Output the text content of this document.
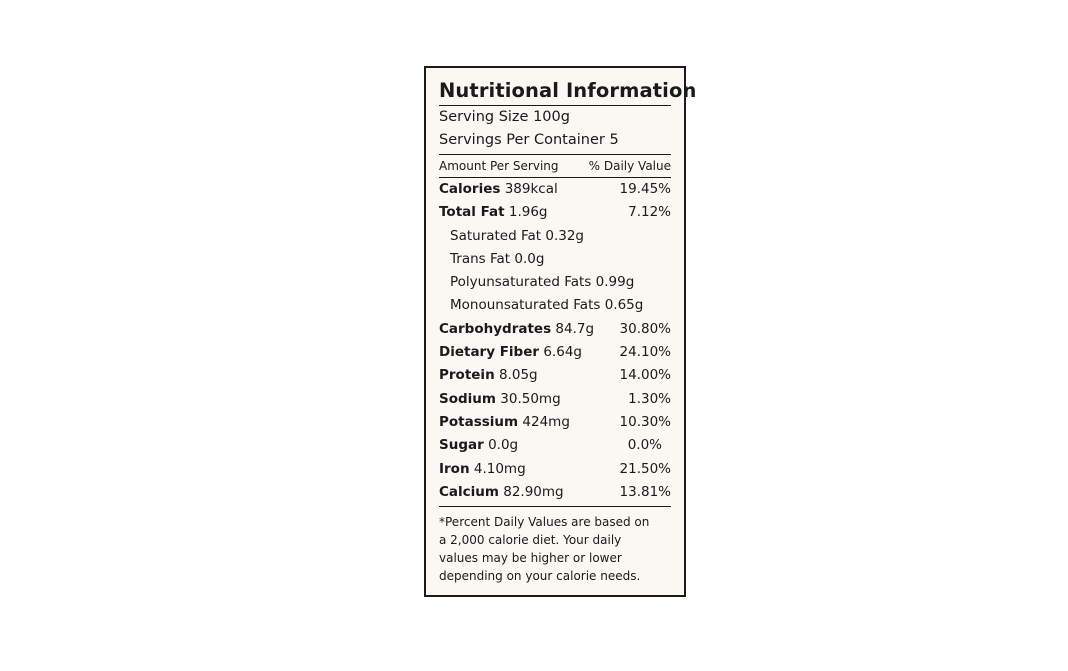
Nutritional Information
Serving Size 100g
Servings Per Container 5
Amount Per Serving	% Daily Value
Calories 389kcal	19.45%
Total Fat 1.96g	7.12%
Saturated Fat 0.32g
Trans Fat 0.0g
Polyunsaturated Fats 0.99g
Monounsaturated Fats 0.65g
Carbohydrates 84.7g 30.80%
Dietary Fiber 6.64g	24.10%
Protein 8.05g	14.00%
Sodium 30.50mg	1.30%
Potassium 424mg	10.30%
Sugar 0.0g	0.0%
Iron 4.10mg	21.50%
Calcium 82.90mg	13.81%
*Percent Daily Values are based on a 2,000 calorie diet. Your daily values may be higher or lower depending on your calorie needs.
